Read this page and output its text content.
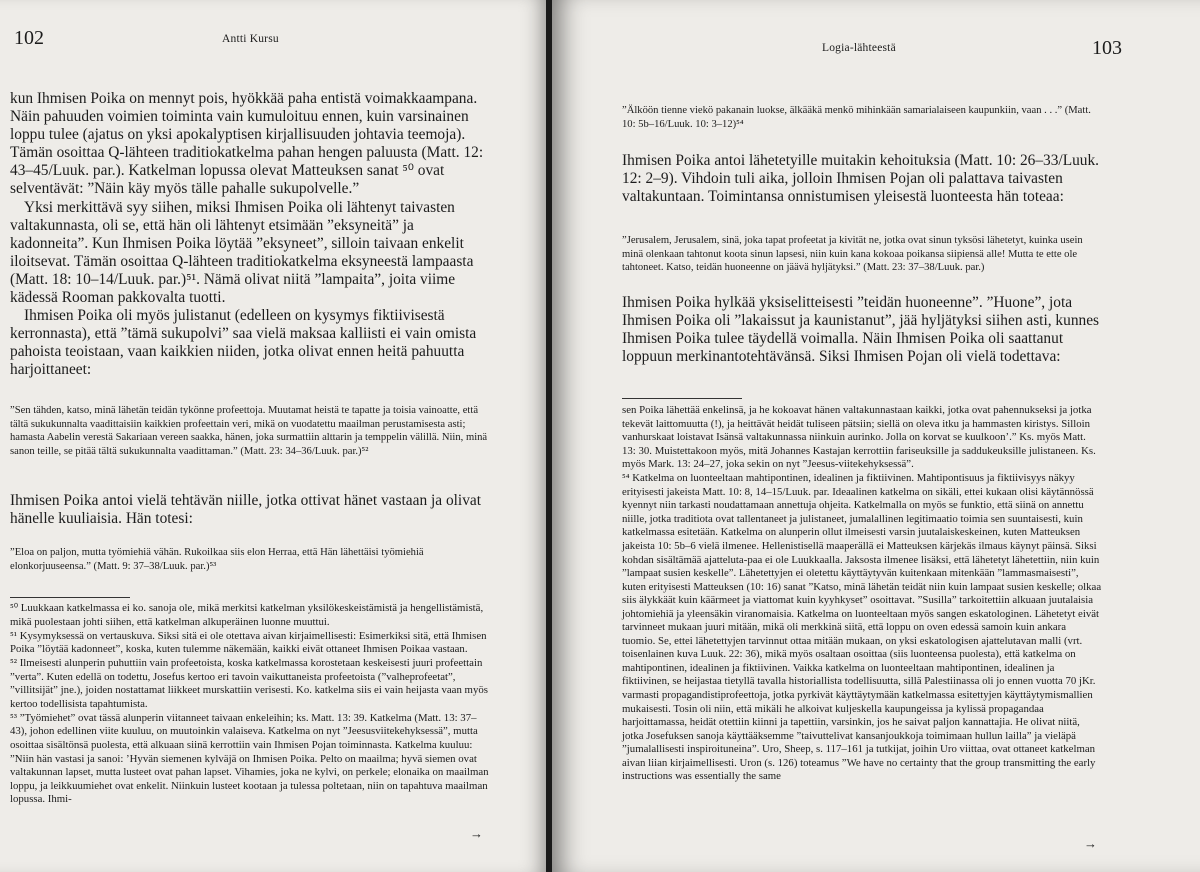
102	Antti Kursu

kun Ihmisen Poika on mennyt pois, hyökkää paha entistä voimakkaampana. Näin pahuuden voimien toiminta vain kumuloituu ennen, kuin varsinainen loppu tulee (ajatus on yksi apokalyptisen kirjallisuuden johtavia teemoja). Tämän osoittaa Q-lähteen traditiokatkelma pahan hengen paluusta (Matt. 12: 43–45/Luuk. par.). Katkelman lopussa olevat Matteuksen sanat ⁵⁰ ovat selventävät: ”Näin käy myös tälle pahalle sukupolvelle.”

Yksi merkittävä syy siihen, miksi Ihmisen Poika oli lähtenyt taivasten valtakunnasta, oli se, että hän oli lähtenyt etsimään ”eksyneitä” ja kadonneita”. Kun Ihmisen Poika löytää ”eksyneet”, silloin taivaan enkelit iloitsevat. Tämän osoittaa Q-lähteen traditiokatkelma eksyneestä lampaasta (Matt. 18: 10–14/Luuk. par.)⁵¹. Nämä olivat niitä ”lampaita”, joita viime kädessä Rooman pakkovalta tuotti.

Ihmisen Poika oli myös julistanut (edelleen on kysymys fiktiivisestä kerronnasta), että ”tämä sukupolvi” saa vielä maksaa kalliisti ei vain omista pahoista teoistaan, vaan kaikkien niiden, jotka olivat ennen heitä pahuutta harjoittaneet:

”Sen tähden, katso, minä lähetän teidän tykönne profeettoja. Muutamat heistä te tapatte ja toisia vainoatte, että tältä sukukunnalta vaadittaisiin kaikkien profeettain veri, mikä on vuodatettu maailman perustamisesta asti; hamasta Aabelin verestä Sakariaan vereen saakka, hänen, joka surmattiin alttarin ja temppelin välillä. Niin, minä sanon teille, se pitää tältä sukukunnalta vaadittaman.” (Matt. 23: 34–36/Luuk. par.)⁵²

Ihmisen Poika antoi vielä tehtävän niille, jotka ottivat hänet vastaan ja olivat hänelle kuuliaisia. Hän totesi:

”Eloa on paljon, mutta työmiehiä vähän. Rukoilkaa siis elon Herraa, että Hän lähettäisi työmiehiä elonkorjuuseensa.” (Matt. 9: 37–38/Luuk. par.)⁵³

⁵⁰ Luukkaan katkelmassa ei ko. sanoja ole, mikä merkitsi katkelman yksilökeskeistämistä ja hengellistämistä, mikä puolestaan johti siihen, että katkelman alkuperäinen luonne muuttui.

⁵¹ Kysymyksessä on vertauskuva. Siksi sitä ei ole otettava aivan kirjaimellisesti: Esimerkiksi sitä, että Ihmisen Poika ”löytää kadonneet”, koska, kuten tulemme näkemään, kaikki eivät ottaneet Ihmisen Poikaa vastaan.

⁵² Ilmeisesti alunperin puhuttiin vain profeetoista, koska katkelmassa korostetaan keskeisesti juuri profeettain ”verta”. Kuten edellä on todettu, Josefus kertoo eri tavoin vaikuttaneista profeetoista (”valheprofeetat”, ”villitsijät” jne.), joiden nostattamat liikkeet murskattiin verisesti. Ko. katkelma siis ei vain heijasta vaan myös kertoo todellisista tapahtumista.

⁵³ ”Työmiehet” ovat tässä alunperin viitanneet taivaan enkeleihin; ks. Matt. 13: 39. Katkelma (Matt. 13: 37–43), johon edellinen viite kuuluu, on muutoinkin valaiseva. Katkelma on nyt ”Jeesusviitekehyksessä”, mutta osoittaa sisältönsä puolesta, että alkuaan siinä kerrottiin vain Ihmisen Pojan toiminnasta. Katkelma kuuluu: ”Niin hän vastasi ja sanoi: ’Hyvän siemenen kylväjä on Ihmisen Poika. Pelto on maailma; hyvä siemen ovat valtakunnan lapset, mutta lusteet ovat pahan lapset. Vihamies, joka ne kylvi, on perkele; elonaika on maailman loppu, ja leikkuumiehet ovat enkelit. Niinkuin lusteet kootaan ja tulessa poltetaan, niin on tapahtuva maailman lopussa. Ihmi-

→
Logia-lähteestä	103

”Älköön tienne viekö pakanain luokse, älkääkä menkö mihinkään samarialaiseen kaupunkiin, vaan . . .” (Matt. 10: 5b–16/Luuk. 10: 3–12)⁵⁴

Ihmisen Poika antoi lähetetyille muitakin kehoituksia (Matt. 10: 26–33/Luuk. 12: 2–9). Vihdoin tuli aika, jolloin Ihmisen Pojan oli palattava taivasten valtakuntaan. Toimintansa onnistumisen yleisestä luonteesta hän toteaa:

”Jerusalem, Jerusalem, sinä, joka tapat profeetat ja kivität ne, jotka ovat sinun tyksösi lähetetyt, kuinka usein minä olenkaan tahtonut koota sinun lapsesi, niin kuin kana kokoaa poikansa siipiensä alle! Mutta te ette ole tahtoneet. Katso, teidän huoneenne on jäävä hyljätyksi.” (Matt. 23: 37–38/Luuk. par.)

Ihmisen Poika hylkää yksiselitteisesti ”teidän huoneenne”. ”Huone”, jota Ihmisen Poika oli ”lakaissut ja kaunistanut”, jää hyljätyksi siihen asti, kunnes Ihmisen Poika tulee täydellä voimalla. Näin Ihmisen Poika oli saattanut loppuun merkinantotehtävänsä. Siksi Ihmisen Pojan oli vielä todettava:

sen Poika lähettää enkelinsä, ja he kokoavat hänen valtakunnastaan kaikki, jotka ovat pahennukseksi ja jotka tekevät laittomuutta (!), ja heittävät heidät tuliseen pätsiin; siellä on oleva itku ja hammasten kiristys. Silloin vanhurskaat loistavat Isänsä valtakunnassa niinkuin aurinko. Jolla on korvat se kuulkoon’.” Ks. myös Matt. 13: 30. Muistettakoon myös, mitä Johannes Kastajan kerrottiin fariseuksille ja saddukeuksille julistaneen. Ks. myös Mark. 13: 24–27, joka sekin on nyt ”Jeesus-viitekehyksessä”.

⁵⁴ Katkelma on luonteeltaan mahtipontinen, idealinen ja fiktiivinen. Mahtipontisuus ja fiktiivisyys näkyy erityisesti jakeista Matt. 10: 8, 14–15/Luuk. par. Ideaalinen katkelma on sikäli, ettei kukaan olisi käytännössä kyennyt niin tarkasti noudattamaan annettuja ohjeita. Katkelmalla on myös se funktio, että siinä on annettu niille, jotka traditiota ovat tallentaneet ja julistaneet, jumalallinen legitimaatio toimia sen suuntaisesti, kuin katkelmassa esitetään. Katkelma on alunperin ollut ilmeisesti varsin juutalaiskeskeinen, kuten Matteuksen jakeista 10: 5b–6 vielä ilmenee. Hellenistisellä maaperällä ei Matteuksen kärjekäs ilmaus käynyt päinsä. Siksi kohdan sisältämää ajatteluta-paa ei ole Luukkaalla. Jaksosta ilmenee lisäksi, että lähetetyt lähetettiin, niin kuin ”lampaat susien keskelle”. Lähetettyjen ei oletettu käyttäytyvän kuitenkaan mitenkään ”lammasmaisesti”, kuten erityisesti Matteuksen (10: 16) sanat ”Katso, minä lähetän teidät niin kuin lampaat susien keskelle; olkaa siis älykkäät kuin käärmeet ja viattomat kuin kyyhkyset” osoittavat. ”Susilla” tarkoitettiin alkuaan juutalaisia johtomiehiä ja yleensäkin viranomaisia. Katkelma on luonteeltaan myös sangen eskatologinen. Lähetetyt eivät tarvinneet mukaan juuri mitään, mikä oli merkkinä siitä, että loppu on oven edessä samoin kuin ankara tuomio. Se, ettei lähetettyjen tarvinnut ottaa mitään mukaan, on yksi eskatologisen ajattelutavan malli (vrt. toisenlainen kuva Luuk. 22: 36), mikä myös osaltaan osoittaa (siis luonteensa puolesta), että katkelma on mahtipontinen, idealinen ja fiktiivinen. Vaikka katkelma on luonteeltaan mahtipontinen, idealinen ja fiktiivinen, se heijastaa tietyllä tavalla historiallista todellisuutta, sillä Palestiinassa oli jo ennen vuotta 70 jKr. varmasti propagandistiprofeettoja, jotka pyrkivät käyttäytymään katkelmassa esitettyjen käyttäytymismallien mukaisesti. Tosin oli niin, että mikäli he alkoivat kuljeskella kaupungeissa ja kylissä propagandaa harjoittamassa, heidät otettiin kiinni ja tapettiin, varsinkin, jos he saivat paljon kannattajia. He olivat niitä, jotka Josefuksen sanoja käyttääksemme ”taivuttelivat kansanjoukkoja toimimaan hullun lailla” ja vieläpä ”jumalallisesti inspiroituneina”. Uro, Sheep, s. 117–161 ja tutkijat, joihin Uro viittaa, ovat ottaneet katkelman aivan liian kirjaimellisesti. Uron (s. 126) toteamus ”We have no certainty that the group transmitting the early instructions was essentially the same

→
